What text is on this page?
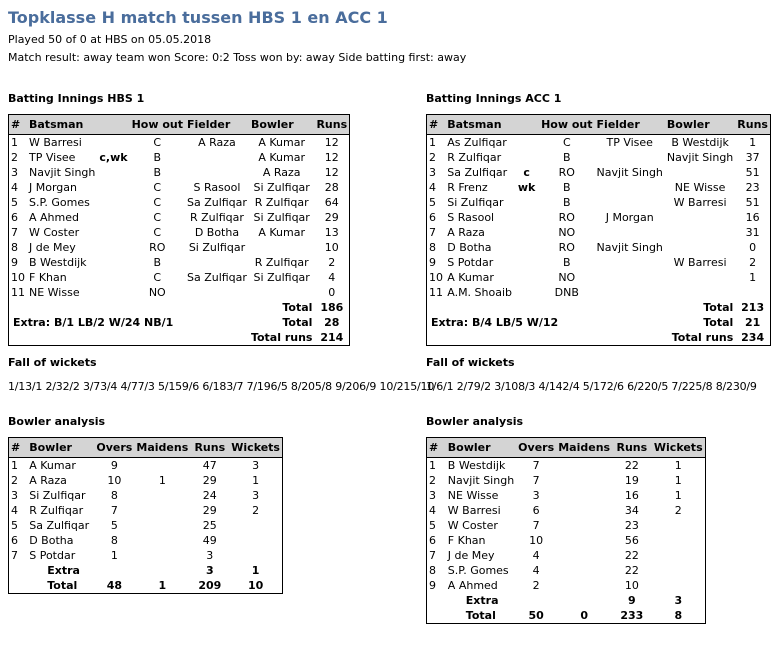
Topklasse H match tussen HBS 1 en ACC 1
Played 50 of 0 at HBS on 05.05.2018
Match result: away team won Score: 0:2 Toss won by: away Side batting first: away
Batting Innings HBS 1
#	Batsman		How out	Fielder	Bowler	Runs
1	W Barresi		C	A Raza	A Kumar	12
2	TP Visee	c,wk	B		A Kumar	12
3	Navjit Singh		B		A Raza	12
4	J Morgan		C	S Rasool	Si Zulfiqar	28
5	S.P. Gomes		C	Sa Zulfiqar	R Zulfiqar	64
6	A Ahmed		C	R Zulfiqar	Si Zulfiqar	29
7	W Coster		C	D Botha	A Kumar	13
8	J de Mey		RO	Si Zulfiqar		10
9	B Westdijk		B		R Zulfiqar	2
10	F Khan		C	Sa Zulfiqar	Si Zulfiqar	4
11	NE Wisse		NO			0
					Total	186
Extra: B/1 LB/2 W/24 NB/1					Total	28
					Total runs	214
Batting Innings ACC 1
#	Batsman		How out	Fielder	Bowler	Runs
1	As Zulfiqar		C	TP Visee	B Westdijk	1
2	R Zulfiqar		B		Navjit Singh	37
3	Sa Zulfiqar	c	RO	Navjit Singh		51
4	R Frenz	wk	B		NE Wisse	23
5	Si Zulfiqar		B		W Barresi	51
6	S Rasool		RO	J Morgan		16
7	A Raza		NO			31
8	D Botha		RO	Navjit Singh		0
9	S Potdar		B		W Barresi	2
10	A Kumar		NO			1
11	A.M. Shoaib		DNB			
					Total	213
Extra: B/4 LB/5 W/12					Total	21
					Total runs	234
Fall of wickets
1/13/1 2/32/2 3/73/4 4/77/3 5/159/6 6/183/7 7/196/5 8/205/8 9/206/9 10/215/10
Fall of wickets
1/6/1 2/79/2 3/108/3 4/142/4 5/172/6 6/220/5 7/225/8 8/230/9
Bowler analysis
#	Bowler	Overs	Maidens	Runs	Wickets
1	A Kumar	9		47	3
2	A Raza	10	1	29	1
3	Si Zulfiqar	8		24	3
4	R Zulfiqar	7		29	2
5	Sa Zulfiqar	5		25	
6	D Botha	8		49	
7	S Potdar	1		3	
	Extra			3	1
	Total	48	1	209	10
Bowler analysis
#	Bowler	Overs	Maidens	Runs	Wickets
1	B Westdijk	7		22	1
2	Navjit Singh	7		19	1
3	NE Wisse	3		16	1
4	W Barresi	6		34	2
5	W Coster	7		23	
6	F Khan	10		56	
7	J de Mey	4		22	
8	S.P. Gomes	4		22	
9	A Ahmed	2		10	
	Extra			9	3
	Total	50	0	233	8
